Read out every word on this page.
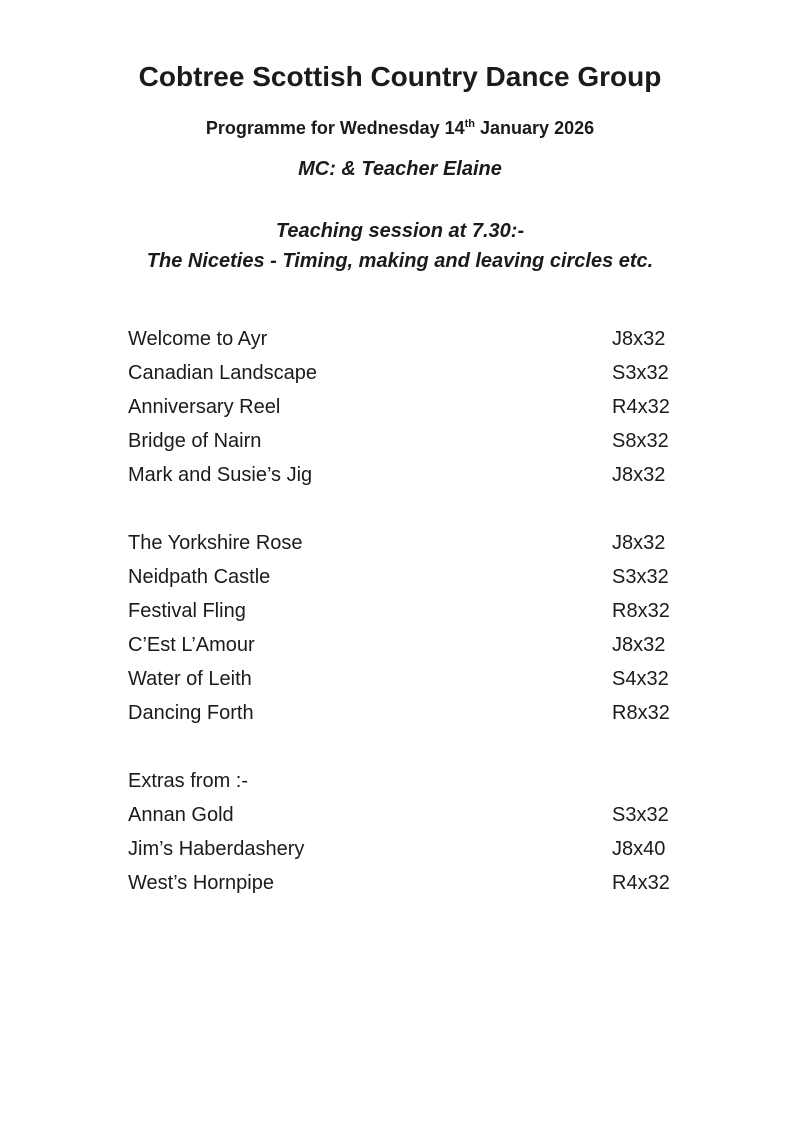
Cobtree Scottish Country Dance Group
Programme for Wednesday 14th January 2026
MC: & Teacher Elaine
Teaching session at 7.30:-
The Niceties - Timing, making and leaving circles etc.
Welcome to Ayr	J8x32
Canadian Landscape	S3x32
Anniversary Reel	R4x32
Bridge of Nairn	S8x32
Mark and Susie’s Jig	J8x32
The Yorkshire Rose	J8x32
Neidpath Castle	S3x32
Festival Fling	R8x32
C’Est L’Amour	J8x32
Water of Leith	S4x32
Dancing Forth	R8x32
Extras from :-
Annan Gold	S3x32
Jim’s Haberdashery	J8x40
West’s Hornpipe	R4x32
